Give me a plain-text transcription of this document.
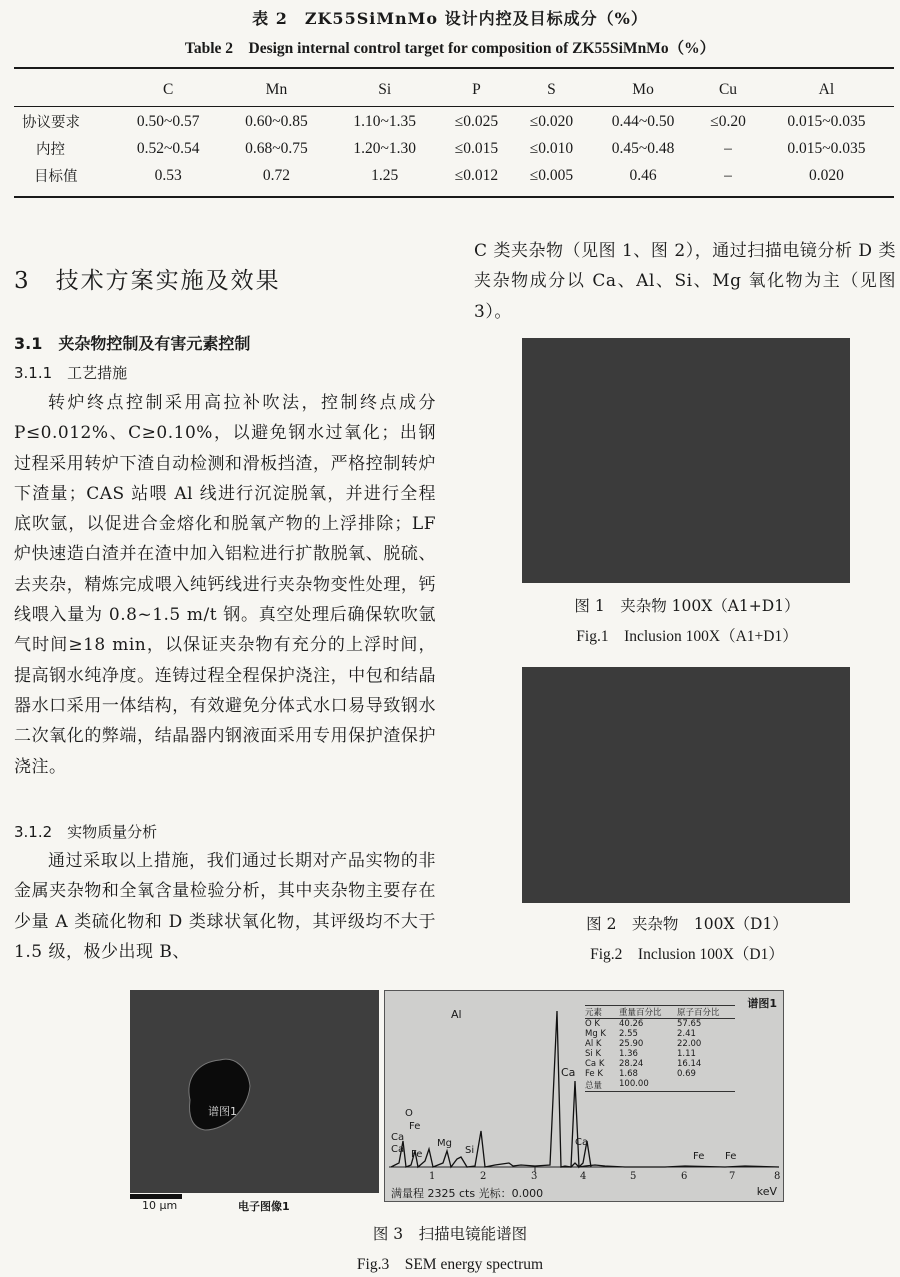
表 2　ZK55SiMnMo 设计内控及目标成分（%）
Table 2　Design internal control target for composition of ZK55SiMnMo（%）
	C	Mn	Si	P	S	Mo	Cu	Al
协议要求	0.50~0.57	0.60~0.85	1.10~1.35	≤0.025	≤0.020	0.44~0.50	≤0.20	0.015~0.035
内控	0.52~0.54	0.68~0.75	1.20~1.30	≤0.015	≤0.010	0.45~0.48	–	0.015~0.035
目标值	0.53	0.72	1.25	≤0.012	≤0.005	0.46	–	0.020
3　技术方案实施及效果
3.1　夹杂物控制及有害元素控制
3.1.1　工艺措施

转炉终点控制采用高拉补吹法，控制终点成分 P≤0.012%、C≥0.10%，以避免钢水过氧化；出钢过程采用转炉下渣自动检测和滑板挡渣，严格控制转炉下渣量；CAS 站喂 Al 线进行沉淀脱氧，并进行全程底吹氩，以促进合金熔化和脱氧产物的上浮排除；LF 炉快速造白渣并在渣中加入铝粒进行扩散脱氧、脱硫、去夹杂，精炼完成喂入纯钙线进行夹杂物变性处理，钙线喂入量为 0.8~1.5 m/t 钢。真空处理后确保软吹氩气时间≥18 min，以保证夹杂物有充分的上浮时间，提高钢水纯净度。连铸过程全程保护浇注，中包和结晶器水口采用一体结构，有效避免分体式水口易导致钢水二次氧化的弊端，结晶器内钢液面采用专用保护渣保护浇注。

3.1.2　实物质量分析

通过采取以上措施，我们通过长期对产品实物的非金属夹杂物和全氧含量检验分析，其中夹杂物主要存在少量 A 类硫化物和 D 类球状氧化物，其评级均不大于 1.5 级，极少出现 B、

C 类夹杂物（见图 1、图 2），通过扫描电镜分析 D 类夹杂物成分以 Ca、Al、Si、Mg 氧化物为主（见图 3）。

图 1　夹杂物 100X（A1+D1）
Fig.1　Inclusion 100X（A1+D1）
图 2　夹杂物　100X（D1）
Fig.2　Inclusion 100X（D1）
谱图1
10 μm	电子图像1
谱图1
元素	重量百分比	原子百分比
O K	40.26	57.65
Mg K	2.55	2.41
Al K	25.90	22.00
Si K	1.36	1.11
Ca K	28.24	16.14
Fe K	1.68	0.69
总量	100.00
Al
Ca
O
Fe
Ca
Ca Fe
Mg
Si
Ca
Fe Fe
1	2	3	4	5	6	7	8
满量程 2325 cts 光标：0.000	keV
图 3　扫描电镜能谱图
Fig.3　SEM energy spectrum
